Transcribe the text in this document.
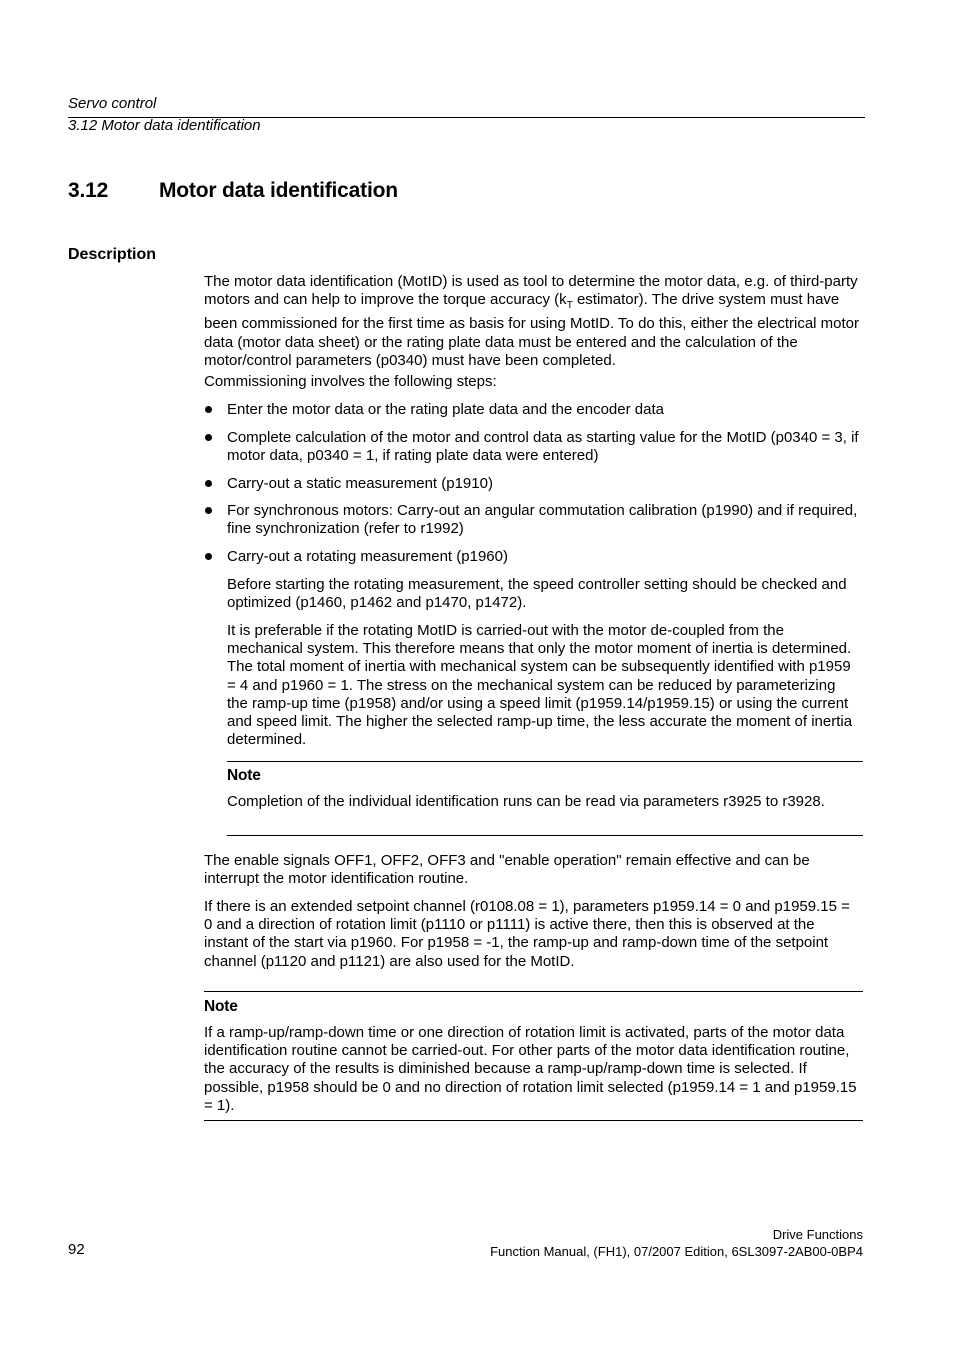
Servo control
3.12 Motor data identification
3.12 Motor data identification
Description
The motor data identification (MotID) is used as tool to determine the motor data, e.g. of third-party motors and can help to improve the torque accuracy ($k_T$ estimator). The drive system must have been commissioned for the first time as basis for using MotID. To do this, either the electrical motor data (motor data sheet) or the rating plate data must be entered and the calculation of the motor/control parameters (p0340) must have been completed.
Commissioning involves the following steps:
Enter the motor data or the rating plate data and the encoder data
Complete calculation of the motor and control data as starting value for the MotID (p0340 = 3, if motor data, p0340 = 1, if rating plate data were entered)
Carry-out a static measurement (p1910)
For synchronous motors: Carry-out an angular commutation calibration (p1990) and if required, fine synchronization (refer to r1992)
Carry-out a rotating measurement (p1960)
Before starting the rotating measurement, the speed controller setting should be checked and optimized (p1460, p1462 and p1470, p1472).
It is preferable if the rotating MotID is carried-out with the motor de-coupled from the mechanical system. This therefore means that only the motor moment of inertia is determined. The total moment of inertia with mechanical system can be subsequently identified with p1959 = 4 and p1960 = 1. The stress on the mechanical system can be reduced by parameterizing the ramp-up time (p1958) and/or using a speed limit (p1959.14/p1959.15) or using the current and speed limit. The higher the selected ramp-up time, the less accurate the moment of inertia determined.
Note
Completion of the individual identification runs can be read via parameters r3925 to r3928.
The enable signals OFF1, OFF2, OFF3 and "enable operation" remain effective and can be interrupt the motor identification routine.
If there is an extended setpoint channel (r0108.08 = 1), parameters p1959.14 = 0 and p1959.15 = 0 and a direction of rotation limit (p1110 or p1111) is active there, then this is observed at the instant of the start via p1960. For p1958 = -1, the ramp-up and ramp-down time of the setpoint channel (p1120 and p1121) are also used for the MotID.
Note
If a ramp-up/ramp-down time or one direction of rotation limit is activated, parts of the motor data identification routine cannot be carried-out. For other parts of the motor data identification routine, the accuracy of the results is diminished because a ramp-up/ramp-down time is selected. If possible, p1958 should be 0 and no direction of rotation limit selected (p1959.14 = 1 and p1959.15 = 1).
92
Drive Functions
Function Manual, (FH1), 07/2007 Edition, 6SL3097-2AB00-0BP4
